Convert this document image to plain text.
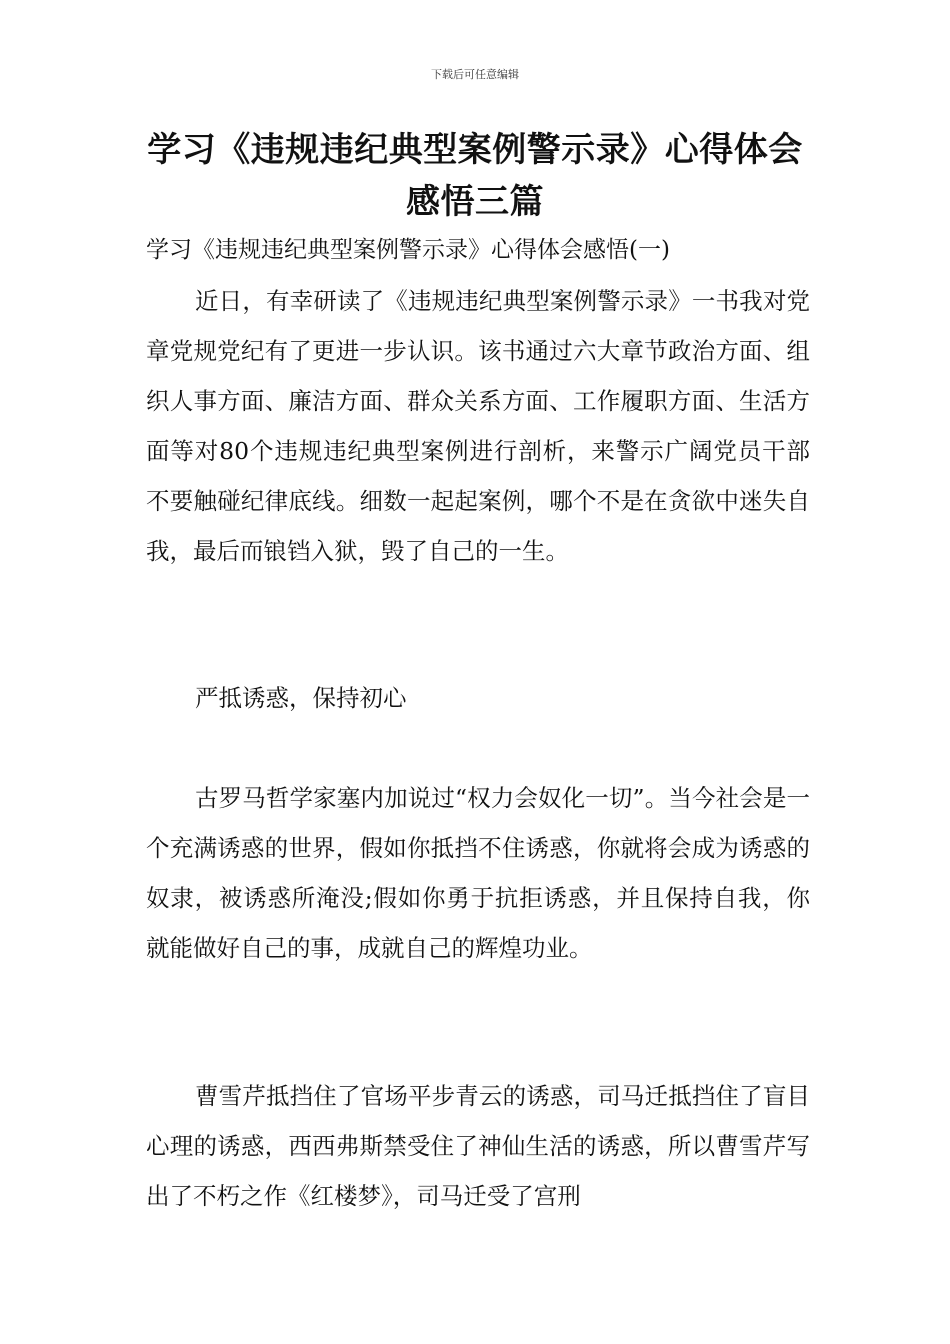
下载后可任意编辑
学习《违规违纪典型案例警示录》心得体会感悟三篇
学习《违规违纪典型案例警示录》心得体会感悟(一)

近日，有幸研读了《违规违纪典型案例警示录》一书我对党章党规党纪有了更进一步认识。该书通过六大章节政治方面、组织人事方面、廉洁方面、群众关系方面、工作履职方面、生活方面等对80个违规违纪典型案例进行剖析，来警示广阔党员干部不要触碰纪律底线。细数一起起案例，哪个不是在贪欲中迷失自我，最后而锒铛入狱，毁了自己的一生。

严抵诱惑，保持初心

古罗马哲学家塞内加说过“权力会奴化一切”。当今社会是一个充满诱惑的世界，假如你抵挡不住诱惑，你就将会成为诱惑的奴隶，被诱惑所淹没;假如你勇于抗拒诱惑，并且保持自我，你就能做好自己的事，成就自己的辉煌功业。

曹雪芹抵挡住了官场平步青云的诱惑，司马迁抵挡住了盲目心理的诱惑，西西弗斯禁受住了神仙生活的诱惑，所以曹雪芹写出了不朽之作《红楼梦》，司马迁受了宫刑
